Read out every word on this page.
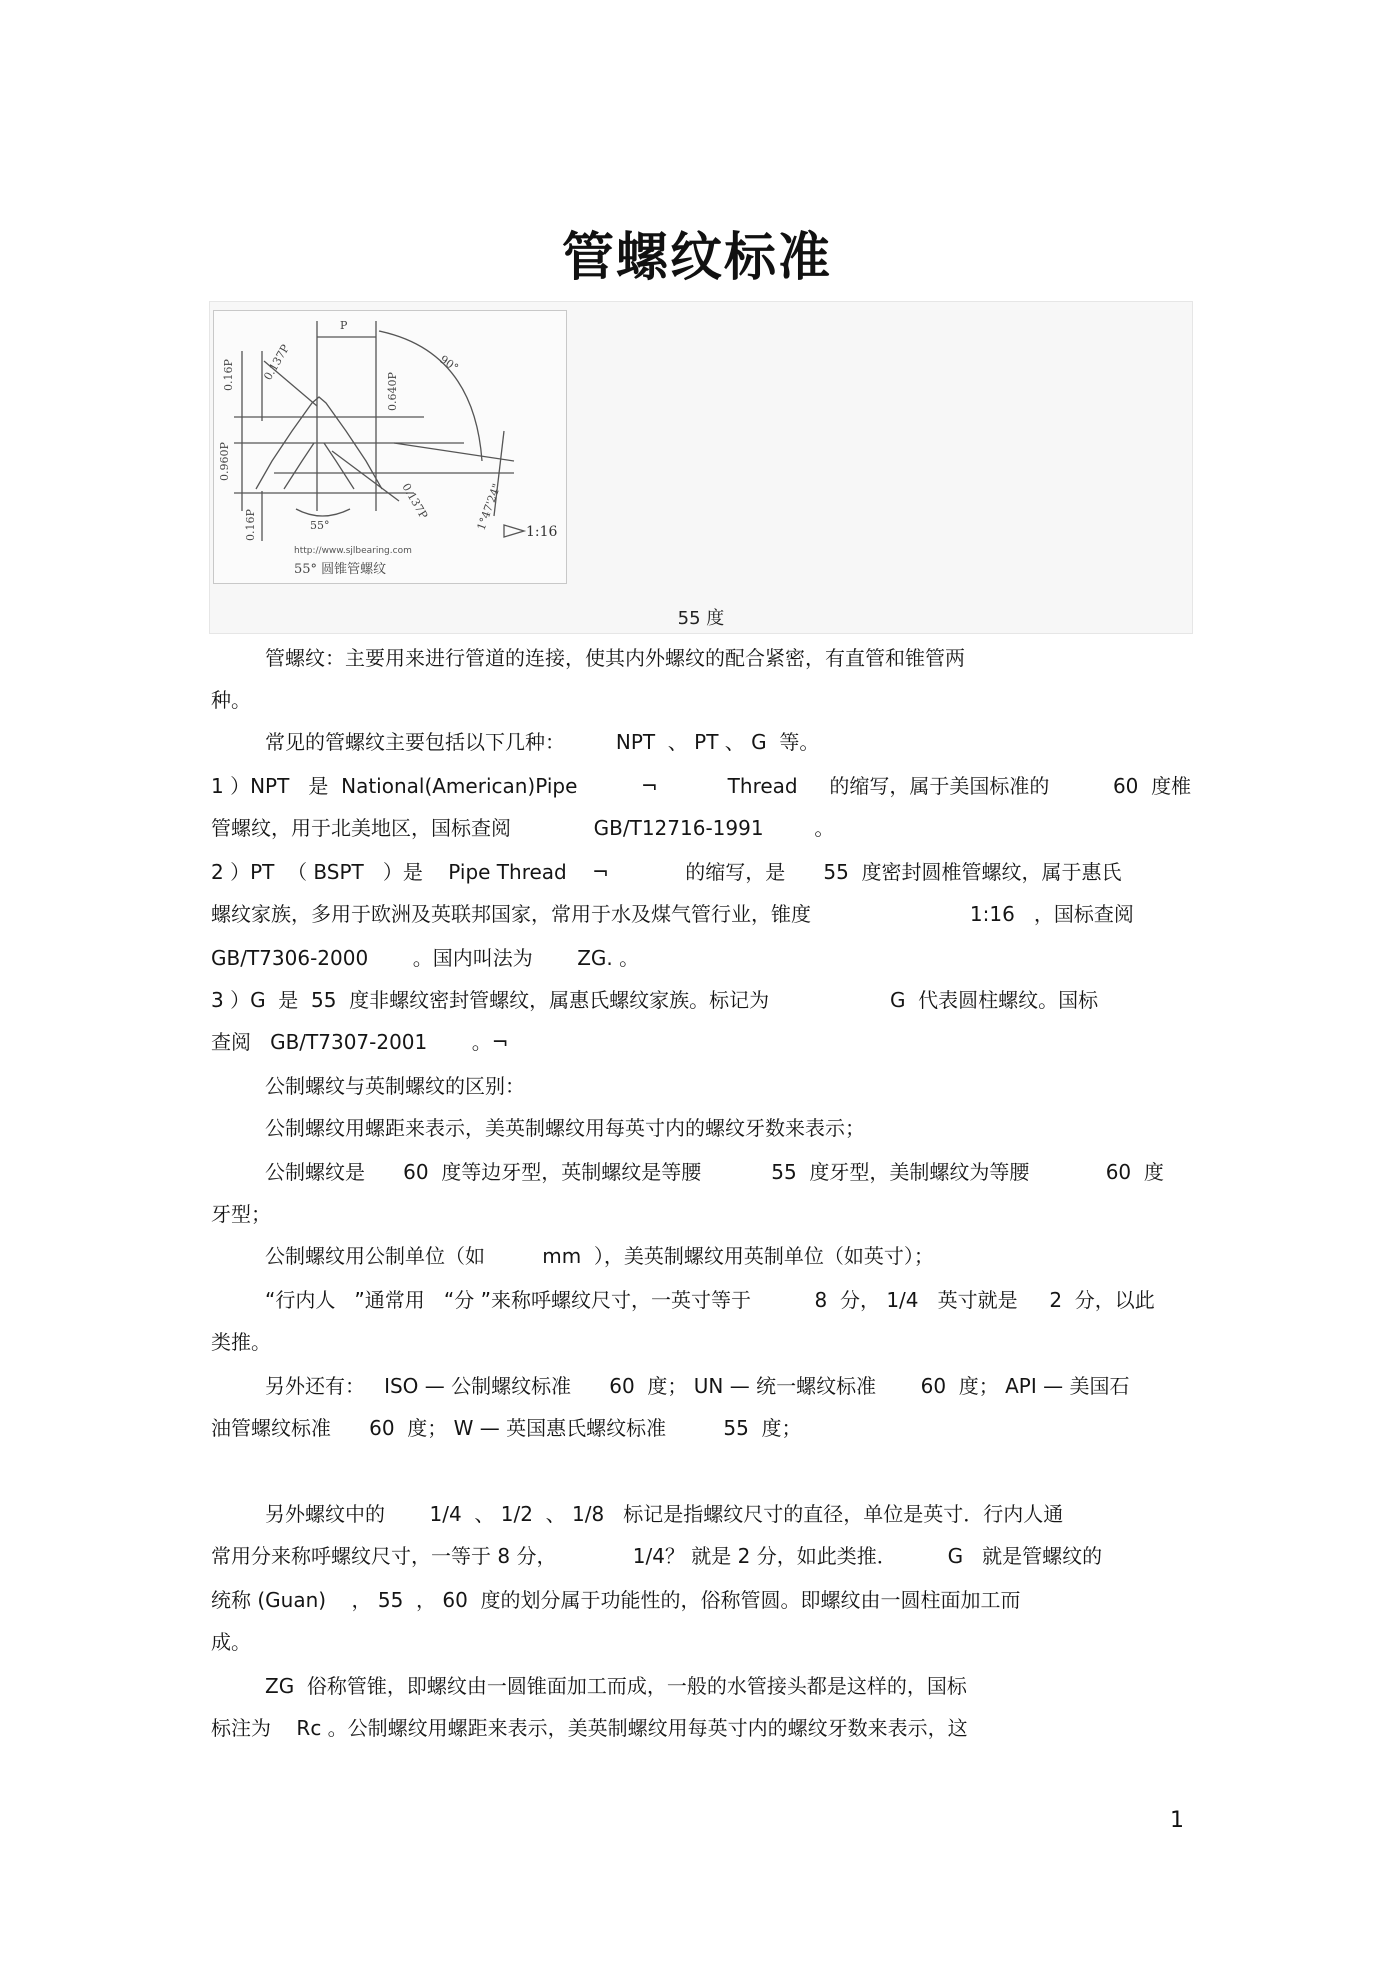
管螺纹标准
P
0.16P 0.137P
0.640P
0.960P
0.16P
0.137P
90°
55°	1°47'24" 1:16
http://www.sjlbearing.com
55° 圆锥管螺纹
55 度

管螺纹：主要用来进行管道的连接，使其内外螺纹的配合紧密，有直管和锥管两

种。

常见的管螺纹主要包括以下几种：        NPT  、 PT 、 G  等。

1 ）NPT   是  National(American)Pipe          ¬           Thread     的缩写，属于美国标准的          60  度椎

管螺纹，用于北美地区，国标查阅             GB/T12716-1991        。

2 ）PT  （ BSPT   ）是    Pipe Thread    ¬            的缩写，是      55  度密封圆椎管螺纹，属于惠氏

螺纹家族，多用于欧洲及英联邦国家，常用于水及煤气管行业，锥度                         1:16   ，国标查阅

GB/T7306-2000       。国内叫法为       ZG. 。

3 ）G  是  55  度非螺纹密封管螺纹，属惠氏螺纹家族。标记为                   G  代表圆柱螺纹。国标

查阅   GB/T7307-2001       。¬

公制螺纹与英制螺纹的区别：

公制螺纹用螺距来表示，美英制螺纹用每英寸内的螺纹牙数来表示；

公制螺纹是      60  度等边牙型，英制螺纹是等腰           55  度牙型，美制螺纹为等腰            60  度

牙型；

公制螺纹用公制单位（如         mm  ），美英制螺纹用英制单位（如英寸）；

“行内人   ”通常用   “分 ”来称呼螺纹尺寸，一英寸等于          8  分， 1/4   英寸就是     2  分，以此

类推。

另外还有：   ISO — 公制螺纹标准      60  度； UN — 统一螺纹标准       60  度； API — 美国石

油管螺纹标准      60  度； W — 英国惠氏螺纹标准         55  度；

另外螺纹中的       1/4  、 1/2  、 1/8   标记是指螺纹尺寸的直径，单位是英寸．行内人通

常用分来称呼螺纹尺寸，一等于 8 分，            1/4？ 就是 2 分，如此类推．        G   就是管螺纹的

统称 (Guan)    ， 55  ， 60  度的划分属于功能性的，俗称管圆。即螺纹由一圆柱面加工而

成。

ZG  俗称管锥，即螺纹由一圆锥面加工而成，一般的水管接头都是这样的，国标

标注为    Rc 。公制螺纹用螺距来表示，美英制螺纹用每英寸内的螺纹牙数来表示，这

1
